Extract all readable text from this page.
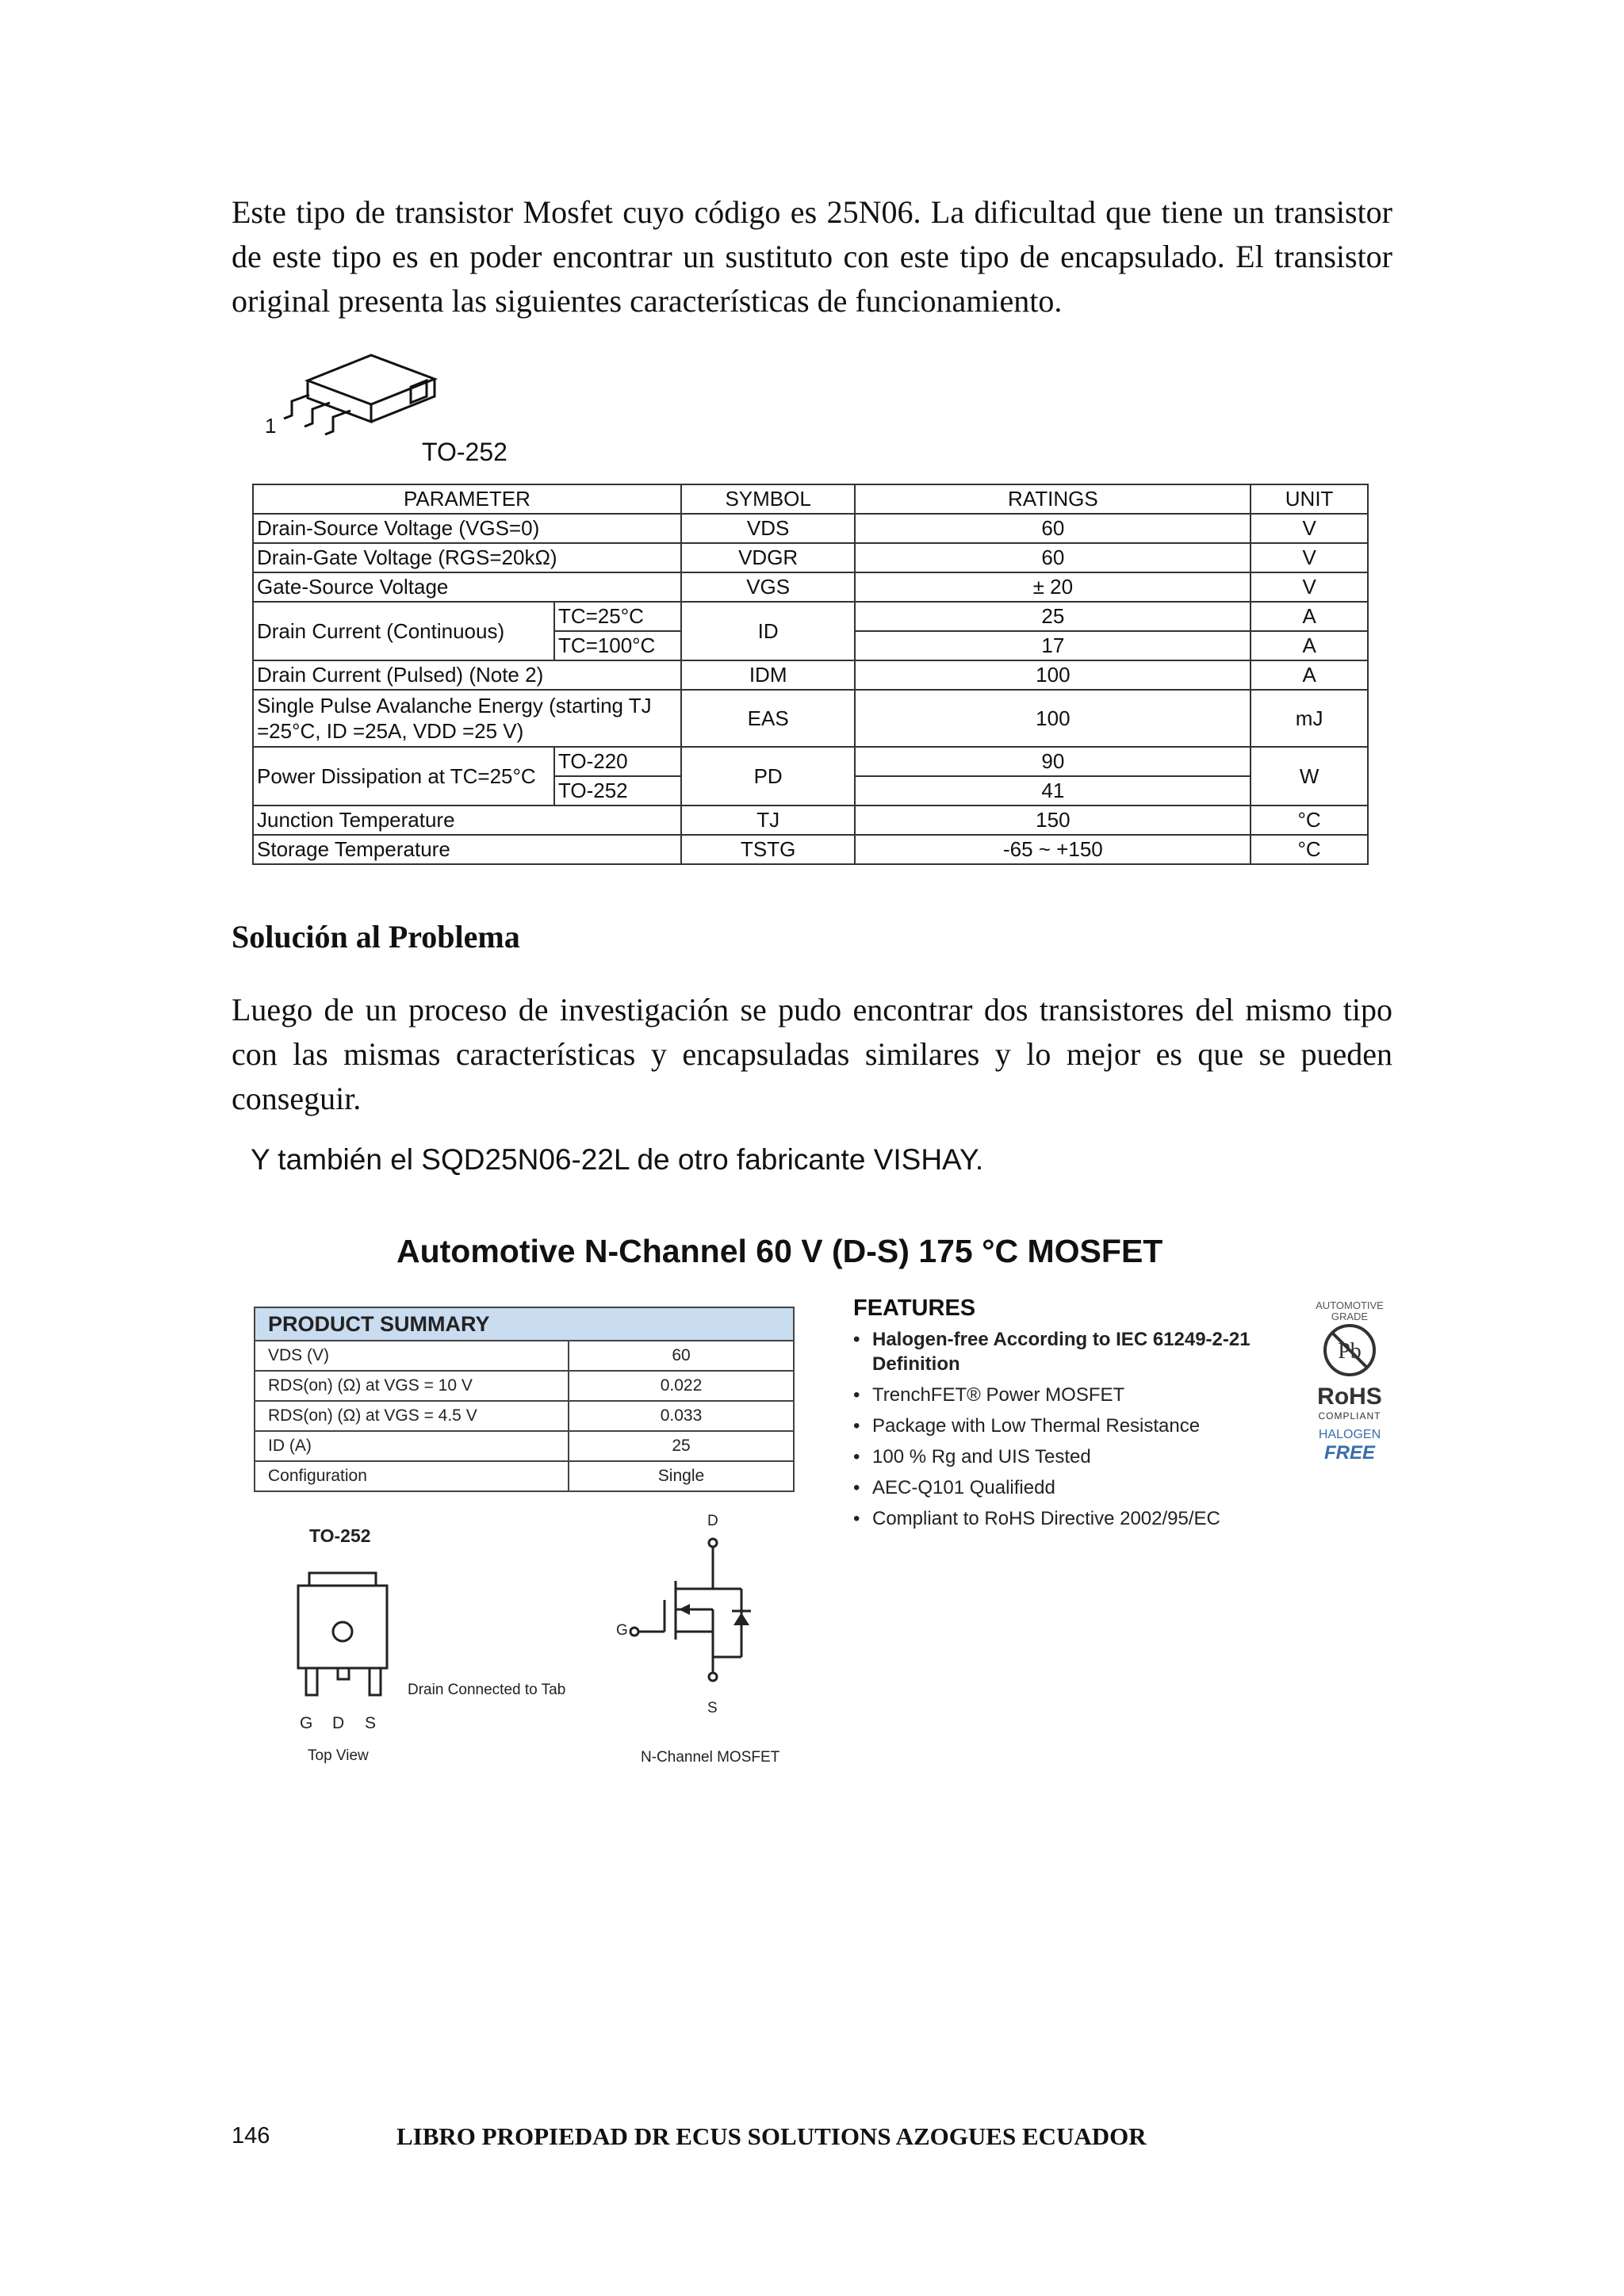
Este tipo de transistor Mosfet cuyo código es 25N06. La dificultad que tiene un transistor de este tipo es en poder encontrar un sustituto con este tipo de encapsulado. El transistor original presenta las siguientes características de funcionamiento.

1

TO-252

PARAMETER		SYMBOL	RATINGS	UNIT
Drain-Source Voltage (VGS=0)		VDS	60	V
Drain-Gate Voltage (RGS=20kΩ)		VDGR	60	V
Gate-Source Voltage		VGS	± 20	V
Drain Current (Continuous)	TC=25°C	ID	25	A
	TC=100°C		17	A
Drain Current (Pulsed) (Note 2)		IDM	100	A
Single Pulse Avalanche Energy (starting TJ =25°C, ID =25A, VDD =25 V)		EAS	100	mJ
Power Dissipation at TC=25°C	TO-220	PD	90	W
	TO-252		41	
Junction Temperature		TJ	150	°C
Storage Temperature		TSTG	-65 ~ +150	°C

Solución al Problema

Luego de un proceso de investigación se pudo encontrar dos transistores del mismo tipo con las mismas características y encapsuladas similares y lo mejor es que se pueden conseguir.

Y también el SQD25N06-22L de otro fabricante VISHAY.

Automotive N-Channel 60 V (D-S) 175 °C MOSFET

PRODUCT SUMMARY	
VDS (V)	60
RDS(on) (Ω) at VGS = 10 V	0.022
RDS(on) (Ω) at VGS = 4.5 V	0.033
ID (A)	25
Configuration	Single

FEATURES

• Halogen-free According to IEC 61249-2-21 Definition
• TrenchFET® Power MOSFET
• Package with Low Thermal Resistance
• 100 % Rg and UIS Tested
• AEC-Q101 Qualifiedd
• Compliant to RoHS Directive 2002/95/EC
AUTOMOTIVE
GRADE
Pb
RoHS
COMPLIANT
HALOGEN
FREE

TO-252

G D S

Drain Connected to Tab

Top View

D

G

S

N-Channel MOSFET

146	LIBRO PROPIEDAD DR ECUS SOLUTIONS AZOGUES ECUADOR
